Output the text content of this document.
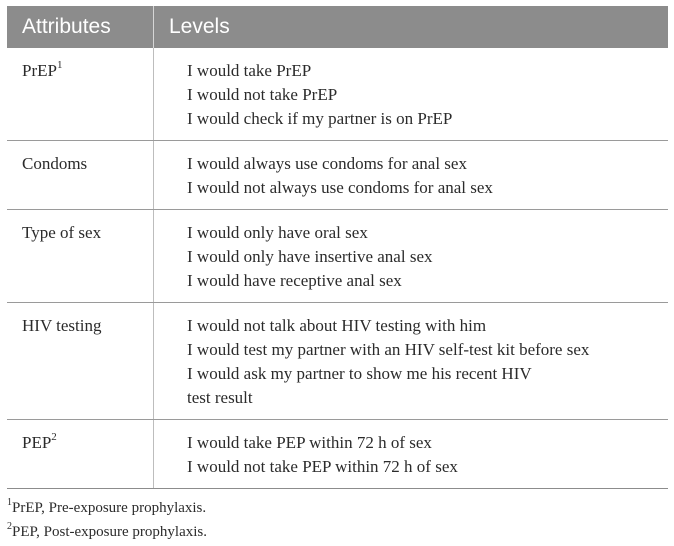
Attributes	Levels
PrEP$^1$	I would take PrEP
I would not take PrEP
I would check if my partner is on PrEP

Condoms	I would always use condoms for anal sex
I would not always use condoms for anal sex

Type of sex	I would only have oral sex
I would only have insertive anal sex
I would have receptive anal sex

HIV testing	I would not talk about HIV testing with him
I would test my partner with an HIV self-test kit before sex
I would ask my partner to show me his recent HIV
test result

PEP$^2$	I would take PEP within 72 h of sex
I would not take PEP within 72 h of sex
$^1$PrEP, Pre-exposure prophylaxis.
$^2$PEP, Post-exposure prophylaxis.
